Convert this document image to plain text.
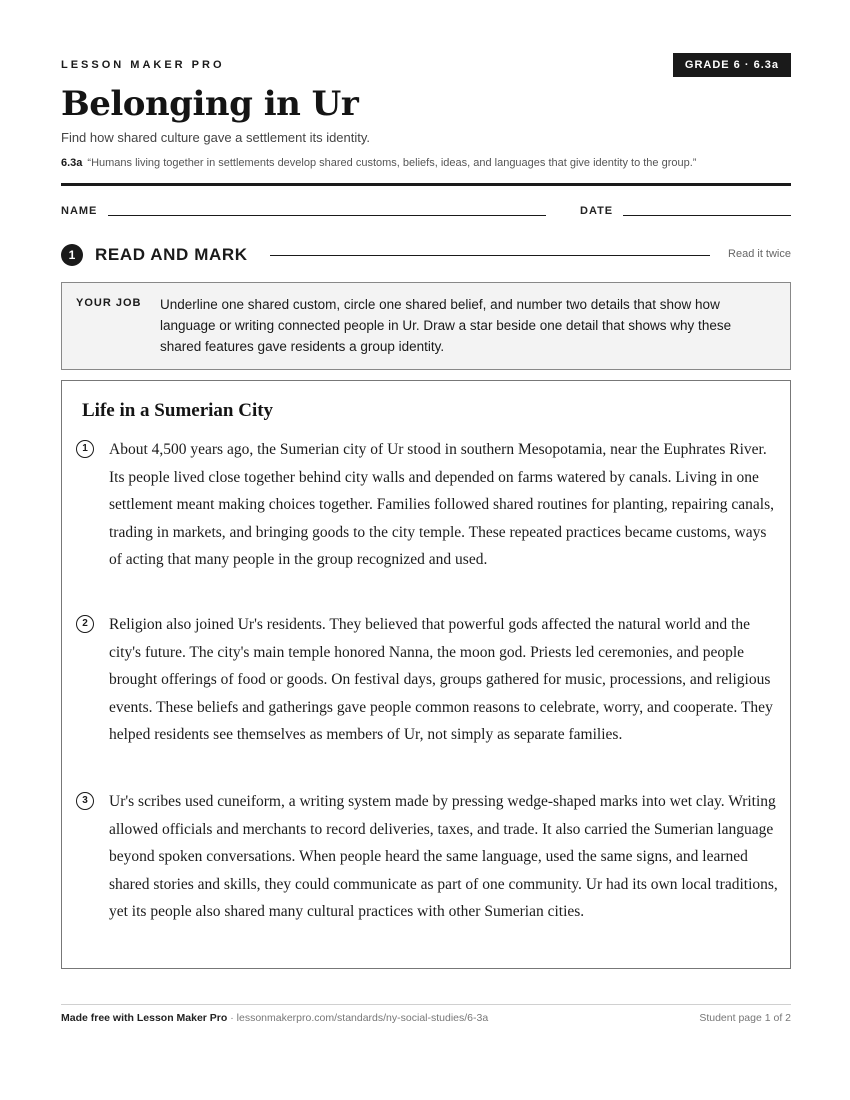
LESSON MAKER PRO	GRADE 6 · 6.3a
Belonging in Ur
Find how shared culture gave a settlement its identity.
6.3a “Humans living together in settlements develop shared customs, beliefs, ideas, and languages that give identity to the group.”
NAME	DATE
1	READ AND MARK	Read it twice
YOUR JOB Underline one shared custom, circle one shared belief, and number two details that show how language or writing connected people in Ur. Draw a star beside one detail that shows why these shared features gave residents a group identity.
Life in a Sumerian City
1	About 4,500 years ago, the Sumerian city of Ur stood in southern Mesopotamia, near the Euphrates River. Its people lived close together behind city walls and depended on farms watered by canals. Living in one settlement meant making choices together. Families followed shared routines for planting, repairing canals, trading in markets, and bringing goods to the city temple. These repeated practices became customs, ways of acting that many people in the group recognized and used.
2	Religion also joined Ur's residents. They believed that powerful gods affected the natural world and the city's future. The city's main temple honored Nanna, the moon god. Priests led ceremonies, and people brought offerings of food or goods. On festival days, groups gathered for music, processions, and religious events. These beliefs and gatherings gave people common reasons to celebrate, worry, and cooperate. They helped residents see themselves as members of Ur, not simply as separate families.
3	Ur's scribes used cuneiform, a writing system made by pressing wedge-shaped marks into wet clay. Writing allowed officials and merchants to record deliveries, taxes, and trade. It also carried the Sumerian language beyond spoken conversations. When people heard the same language, used the same signs, and learned shared stories and skills, they could communicate as part of one community. Ur had its own local traditions, yet its people also shared many cultural practices with other Sumerian cities.
Made free with Lesson Maker Pro · lessonmakerpro.com/standards/ny-social-studies/6-3a	Student page 1 of 2
